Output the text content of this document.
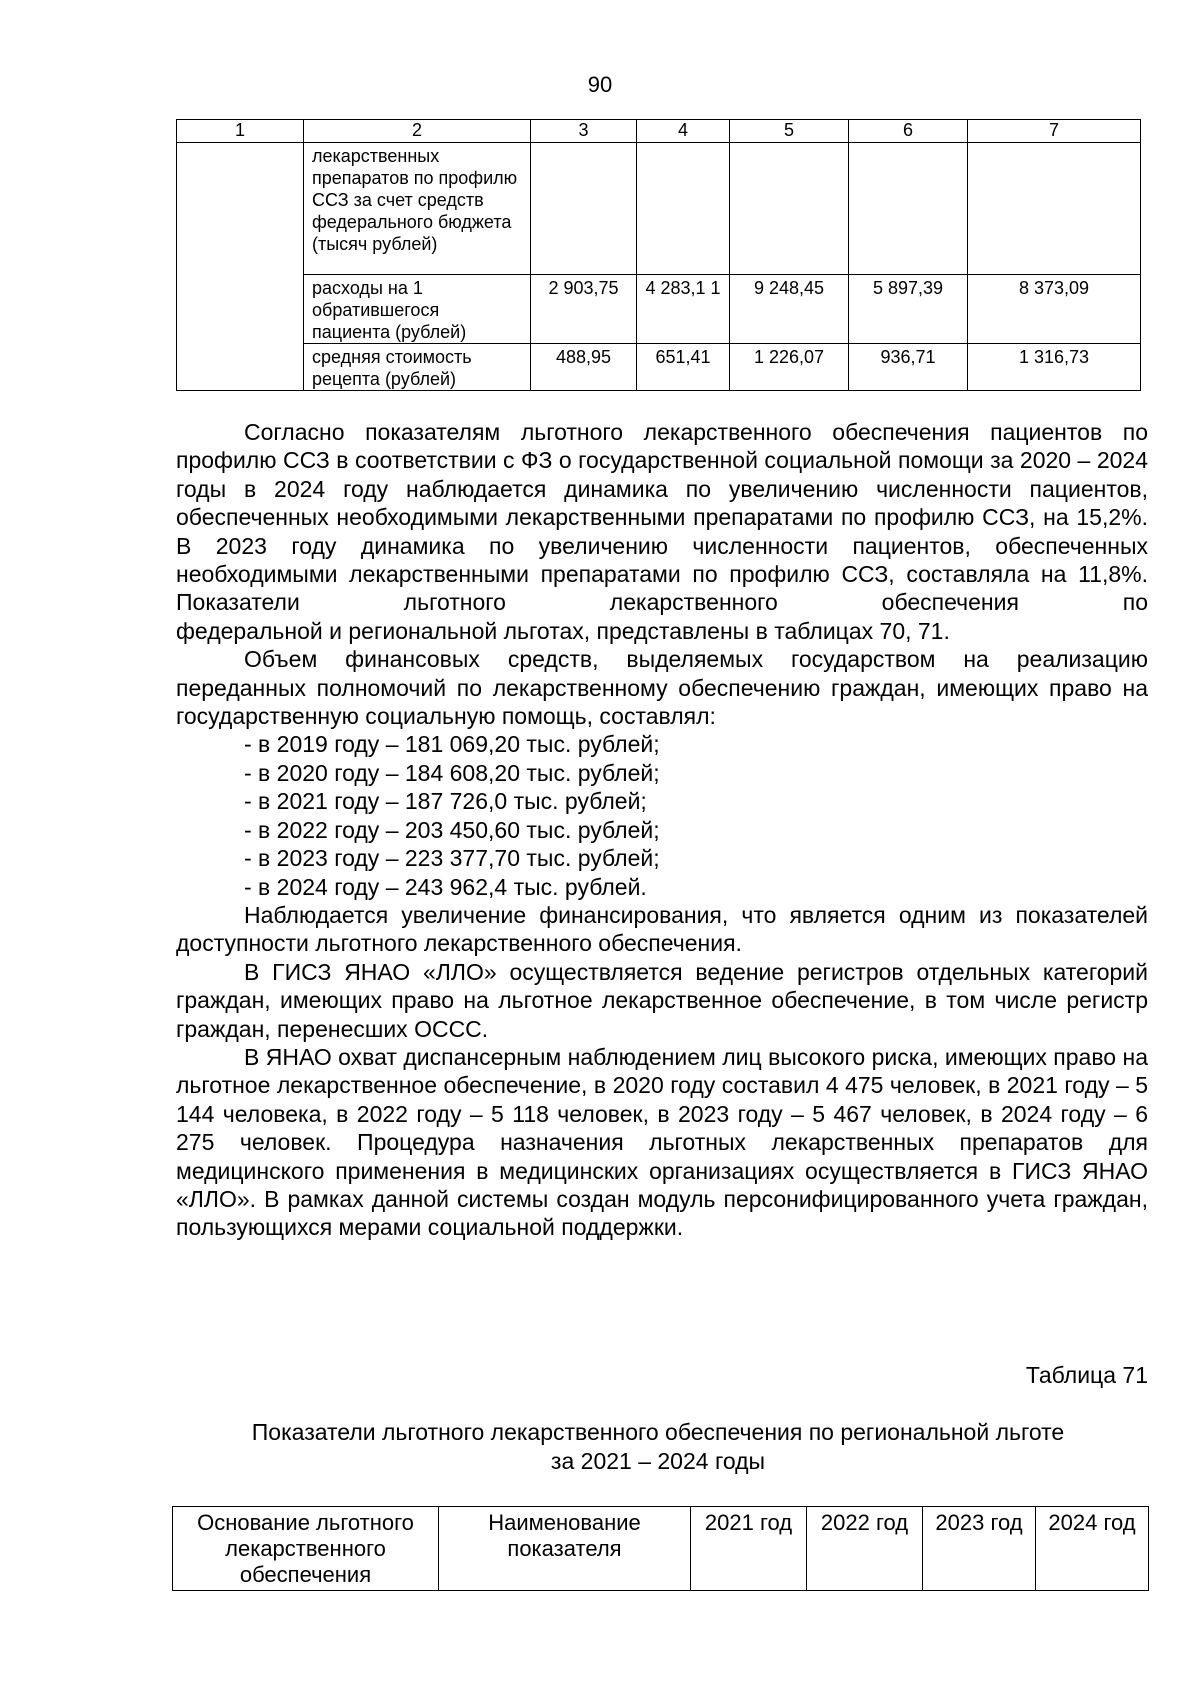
90
1	2	3	4	5	6	7
	лекарственных препаратов по профилю ССЗ за счет средств федерального бюджета (тысяч рублей)					
	расходы на 1 обратившегося пациента (рублей)	2 903,75	4 283,1 1	9 248,45	5 897,39	8 373,09
	средняя стоимость рецепта (рублей)	488,95	651,41	1 226,07	936,71	1 316,73

Согласно показателям льготного лекарственного обеспечения пациентов по профилю ССЗ в соответствии с ФЗ о государственной социальной помощи за 2020 – 2024 годы в 2024 году наблюдается динамика по увеличению численности пациентов, обеспеченных необходимыми лекарственными препаратами по профилю ССЗ, на 15,2%. В 2023 году динамика по увеличению численности пациентов, обеспеченных необходимыми лекарственными препаратами по профилю ССЗ, составляла на 11,8%. Показатели льготного лекарственного обеспечения по

федеральной и региональной льготах, представлены в таблицах 70, 71.

Объем финансовых средств, выделяемых государством на реализацию переданных полномочий по лекарственному обеспечению граждан, имеющих право на государственную социальную помощь, составлял:

- в 2019 году – 181 069,20 тыс. рублей;

- в 2020 году – 184 608,20 тыс. рублей;

- в 2021 году – 187 726,0 тыс. рублей;

- в 2022 году – 203 450,60 тыс. рублей;

- в 2023 году – 223 377,70 тыс. рублей;

- в 2024 году – 243 962,4 тыс. рублей.

Наблюдается увеличение финансирования, что является одним из показателей доступности льготного лекарственного обеспечения.

В ГИСЗ ЯНАО «ЛЛО» осуществляется ведение регистров отдельных категорий граждан, имеющих право на льготное лекарственное обеспечение, в том числе регистр граждан, перенесших ОССС.

В ЯНАО охват диспансерным наблюдением лиц высокого риска, имеющих право на льготное лекарственное обеспечение, в 2020 году составил 4 475 человек, в 2021 году – 5 144 человека, в 2022 году – 5 118 человек, в 2023 году – 5 467 человек, в 2024 году – 6 275 человек. Процедура назначения льготных лекарственных препаратов для медицинского применения в медицинских организациях осуществляется в ГИСЗ ЯНАО «ЛЛО». В рамках данной системы создан модуль персонифицированного учета граждан, пользующихся мерами социальной поддержки.

Таблица 71
Показатели льготного лекарственного обеспечения по региональной льготе
за 2021 – 2024 годы
Основание льготного лекарственного обеспечения	Наименование показателя	2021 год	2022 год	2023 год	2024 год
